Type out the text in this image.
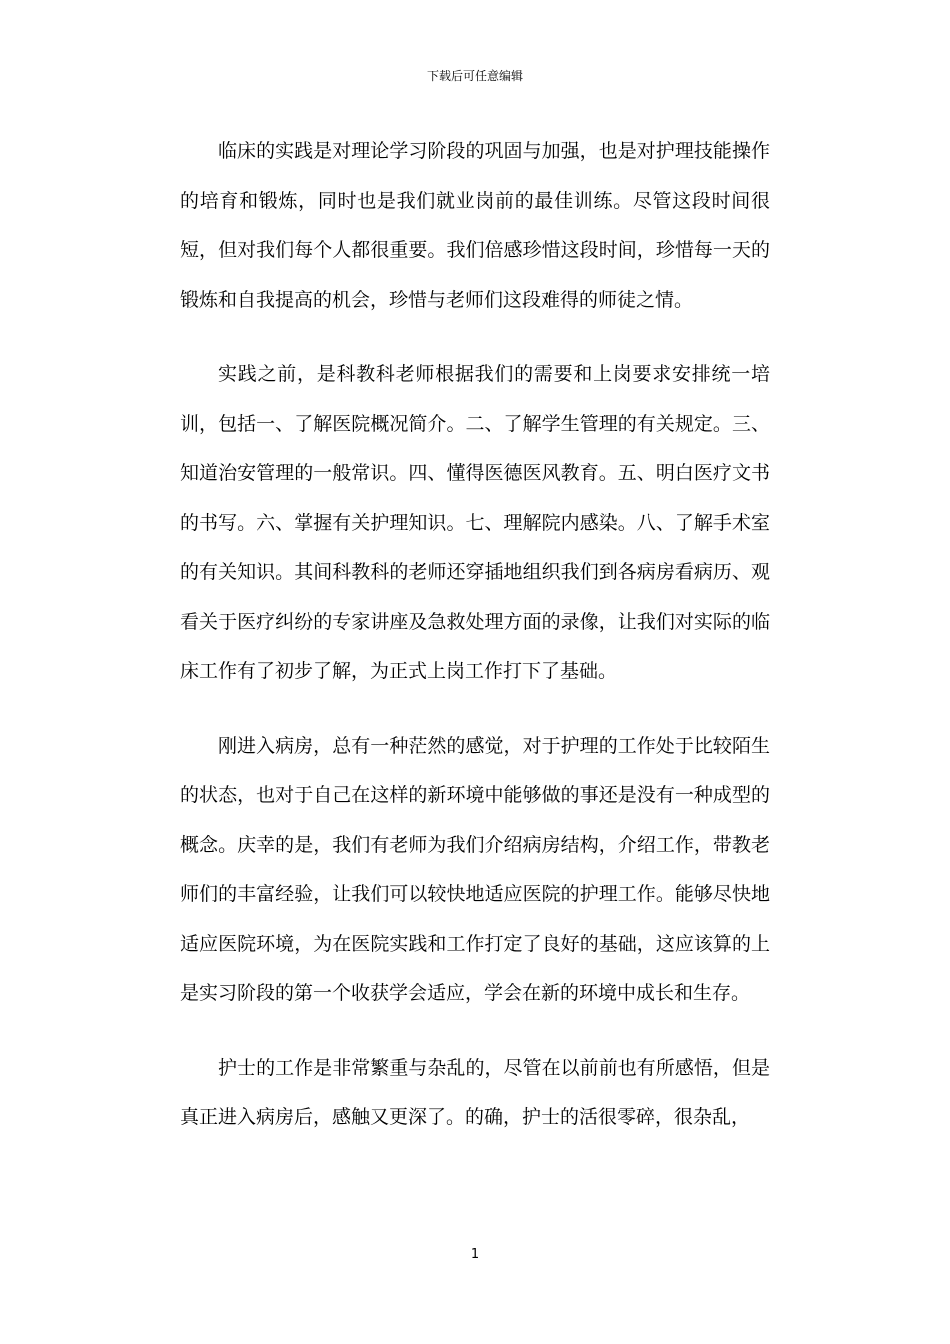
下载后可任意编辑

临床的实践是对理论学习阶段的巩固与加强，也是对护理技能操作的培育和锻炼，同时也是我们就业岗前的最佳训练。尽管这段时间很短，但对我们每个人都很重要。我们倍感珍惜这段时间，珍惜每一天的锻炼和自我提高的机会，珍惜与老师们这段难得的师徒之情。

实践之前，是科教科老师根据我们的需要和上岗要求安排统一培训，包括一、了解医院概况简介。二、了解学生管理的有关规定。三、知道治安管理的一般常识。四、懂得医德医风教育。五、明白医疗文书的书写。六、掌握有关护理知识。七、理解院内感染。八、了解手术室的有关知识。其间科教科的老师还穿插地组织我们到各病房看病历、观看关于医疗纠纷的专家讲座及急救处理方面的录像，让我们对实际的临床工作有了初步了解，为正式上岗工作打下了基础。

刚进入病房，总有一种茫然的感觉，对于护理的工作处于比较陌生的状态，也对于自己在这样的新环境中能够做的事还是没有一种成型的概念。庆幸的是，我们有老师为我们介绍病房结构，介绍工作，带教老师们的丰富经验，让我们可以较快地适应医院的护理工作。能够尽快地适应医院环境，为在医院实践和工作打定了良好的基础，这应该算的上是实习阶段的第一个收获学会适应，学会在新的环境中成长和生存。

护士的工作是非常繁重与杂乱的，尽管在以前前也有所感悟，但是真正进入病房后，感触又更深了。的确，护士的活很零碎，很杂乱，

1
